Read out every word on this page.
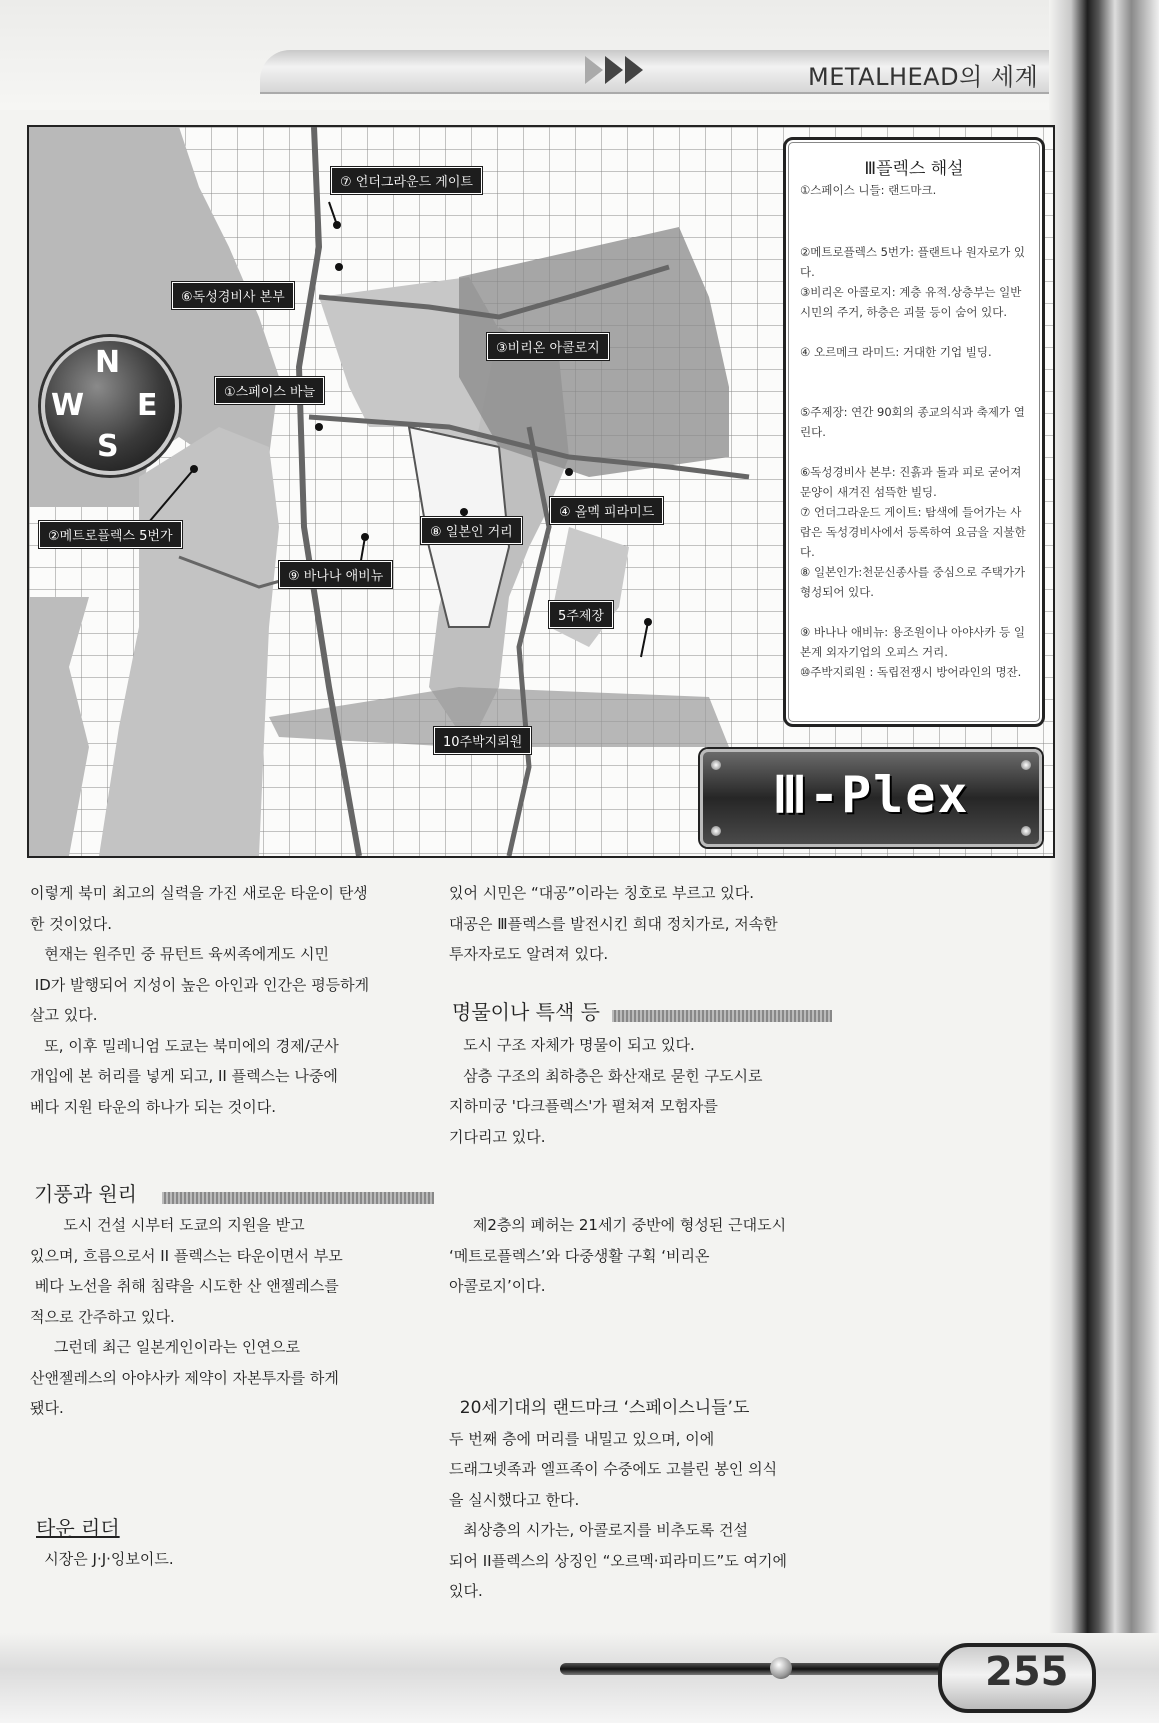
METALHEAD의 세계
255
⑦ 언더그라운드 게이트
⑥독성경비사 본부
③비리온 아콜로지
①스페이스 바늘
④ 올멕 피라미드
⑧ 일본인 거리
②메트로플렉스 5번가
⑨ 바나나 애비뉴
5주제장
10주박지뢰원
N
E
S
W
Ⅲ플렉스 해설
①스페이스 니들: 랜드마크.
②메트로플렉스 5번가: 플랜트나 원자로가 있다.
③비리온 아콜로지: 계층 유적.상층부는 일반 시민의 주거, 하층은 괴물 등이 숨어 있다.
④ 오르메크 라미드: 거대한 기업 빌딩.
⑤주제장: 연간 90회의 종교의식과 축제가 열린다.
⑥독성경비사 본부: 진흙과 돌과 피로 굳어져 문양이 새겨진 섬뜩한 빌딩.
⑦ 언더그라운드 게이트: 탐색에 들어가는 사람은 독성경비사에서 등록하여 요금을 지불한다.
⑧ 일본인가:천문신종사를 중심으로 주택가가 형성되어 있다.
⑨ 바나나 애비뉴: 용조원이나 아야사카 등 일본계 외자기업의 오피스 거리.
⑩주박지뢰원 : 독립전쟁시 방어라인의 명잔.
Ⅲ-Plex

이렇게 북미 최고의 실력을 가진 새로운 타운이 탄생

한 것이었다.

현재는 원주민 중 뮤턴트 육씨족에게도 시민

ID가 발행되어 지성이 높은 아인과 인간은 평등하게

살고 있다.

또, 이후 밀레니엄 도쿄는 북미에의 경제/군사

개입에 본 허리를 넣게 되고, II 플렉스는 나중에

베다 지원 타운의 하나가 되는 것이다.

기풍과 원리

도시 건설 시부터 도쿄의 지원을 받고

있으며, 흐름으로서 II 플렉스는 타운이면서 부모

베다 노선을 취해 침략을 시도한 산 앤젤레스를

적으로 간주하고 있다.

그런데 최근 일본게인이라는 인연으로

산앤젤레스의 아야사카 제약이 자본투자를 하게

됐다.

타운 리더

시장은 J·J·잉보이드.

있어 시민은 “대공”이라는 칭호로 부르고 있다.

대공은 Ⅲ플렉스를 발전시킨 희대 정치가로, 저속한

투자자로도 알려져 있다.

명물이나 특색 등

도시 구조 자체가 명물이 되고 있다.

삼층 구조의 최하층은 화산재로 묻힌 구도시로

지하미궁 '다크플렉스'가 펼쳐져 모험자를

기다리고 있다.

제2층의 폐허는 21세기 중반에 형성된 근대도시

‘메트로플렉스’와 다중생활 구획 ‘비리온

아콜로지’이다.

20세기대의 랜드마크 ‘스페이스니들’도

두 번째 층에 머리를 내밀고 있으며, 이에

드래그넷족과 엘프족이 수중에도 고블린 봉인 의식

을 실시했다고 한다.

최상층의 시가는, 아콜로지를 비추도록 건설

되어 II플렉스의 상징인 “오르멕·피라미드”도 여기에

있다.
